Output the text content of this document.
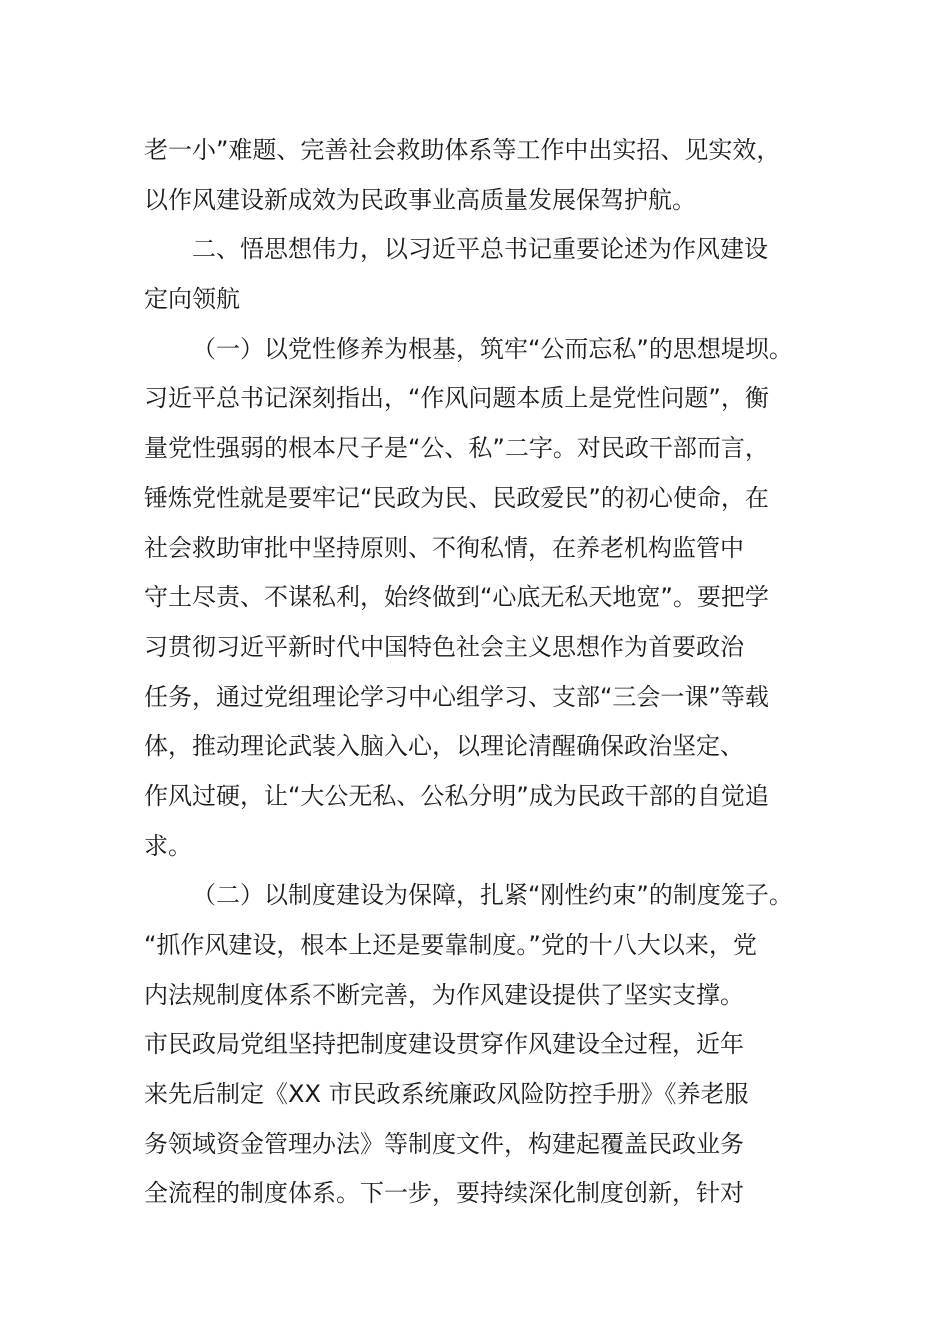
老一小”难题、完善社会救助体系等工作中出实招、见实效，
以作风建设新成效为民政事业高质量发展保驾护航。
二、悟思想伟力，以习近平总书记重要论述为作风建设
定向领航
（一）以党性修养为根基，筑牢“公而忘私”的思想堤坝。
习近平总书记深刻指出，“作风问题本质上是党性问题”，衡
量党性强弱的根本尺子是“公、私”二字。对民政干部而言，
锤炼党性就是要牢记“民政为民、民政爱民”的初心使命，在
社会救助审批中坚持原则、不徇私情，在养老机构监管中
守土尽责、不谋私利，始终做到“心底无私天地宽”。要把学
习贯彻习近平新时代中国特色社会主义思想作为首要政治
任务，通过党组理论学习中心组学习、支部“三会一课”等载
体，推动理论武装入脑入心，以理论清醒确保政治坚定、
作风过硬，让“大公无私、公私分明”成为民政干部的自觉追
求。
（二）以制度建设为保障，扎紧“刚性约束”的制度笼子。
“抓作风建设，根本上还是要靠制度。”党的十八大以来，党
内法规制度体系不断完善，为作风建设提供了坚实支撑。
市民政局党组坚持把制度建设贯穿作风建设全过程，近年
来先后制定《XX 市民政系统廉政风险防控手册》《养老服
务领域资金管理办法》等制度文件，构建起覆盖民政业务
全流程的制度体系。下一步，要持续深化制度创新，针对
